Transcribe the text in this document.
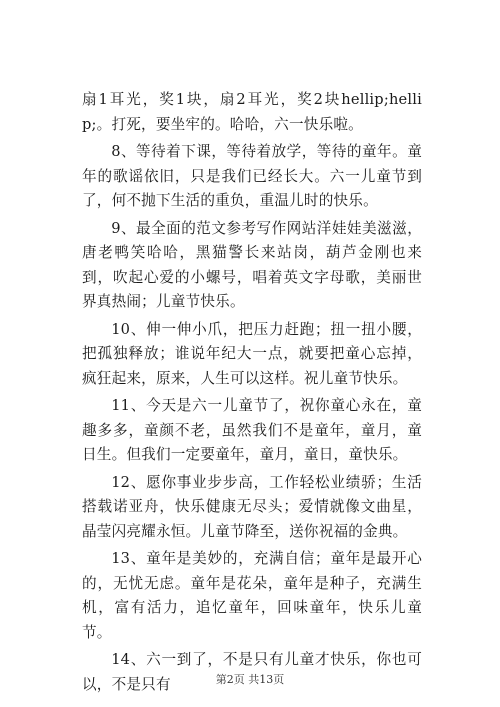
扇1耳光，奖1块，扇2耳光，奖2块hellip;hellip;。打死，要坐牢的。哈哈，六一快乐啦。

8、等待着下课，等待着放学，等待的童年。童年的歌谣依旧，只是我们已经长大。六一儿童节到了，何不抛下生活的重负，重温儿时的快乐。

9、最全面的范文参考写作网站洋娃娃美滋滋，唐老鸭笑哈哈，黑猫警长来站岗，葫芦金刚也来到，吹起心爱的小螺号，唱着英文字母歌，美丽世界真热闹；儿童节快乐。

10、伸一伸小爪，把压力赶跑；扭一扭小腰，把孤独释放；谁说年纪大一点，就要把童心忘掉，疯狂起来，原来，人生可以这样。祝儿童节快乐。

11、今天是六一儿童节了，祝你童心永在，童趣多多，童颜不老，虽然我们不是童年，童月，童日生。但我们一定要童年，童月，童日，童快乐。

12、愿你事业步步高，工作轻松业绩骄；生活搭载诺亚舟，快乐健康无尽头；爱情就像文曲星，晶莹闪亮耀永恒。儿童节降至，送你祝福的金典。

13、童年是美妙的，充满自信；童年是最开心的，无忧无虑。童年是花朵，童年是种子，充满生机，富有活力，追忆童年，回味童年，快乐儿童节。

14、六一到了，不是只有儿童才快乐，你也可以，不是只有	第2页 共13页
